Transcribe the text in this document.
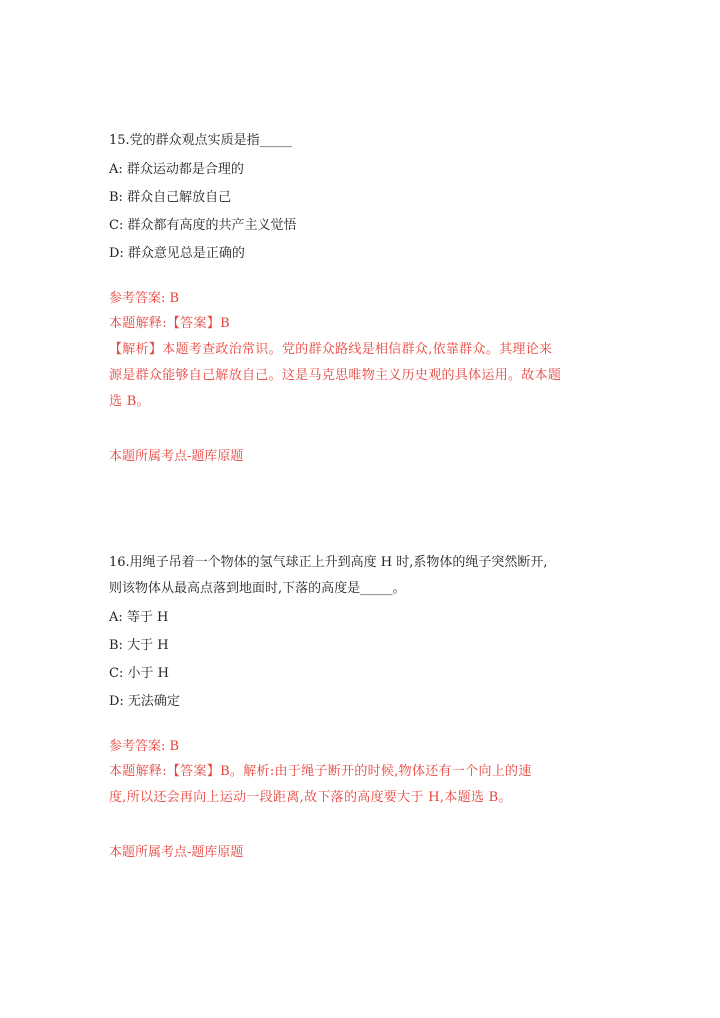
15.党的群众观点实质是指_____

A: 群众运动都是合理的

B: 群众自己解放自己

C: 群众都有高度的共产主义觉悟

D: 群众意见总是正确的

参考答案: B

本题解释:【答案】B

【解析】本题考查政治常识。党的群众路线是相信群众,依靠群众。其理论来

源是群众能够自己解放自己。这是马克思唯物主义历史观的具体运用。故本题

选 B。

本题所属考点-题库原题

16.用绳子吊着一个物体的氢气球正上升到高度 H 时,系物体的绳子突然断开,

则该物体从最高点落到地面时,下落的高度是_____。

A: 等于 H

B: 大于 H

C: 小于 H

D: 无法确定

参考答案: B

本题解释:【答案】B。解析:由于绳子断开的时候,物体还有一个向上的速

度,所以还会再向上运动一段距离,故下落的高度要大于 H,本题选 B。

本题所属考点-题库原题
